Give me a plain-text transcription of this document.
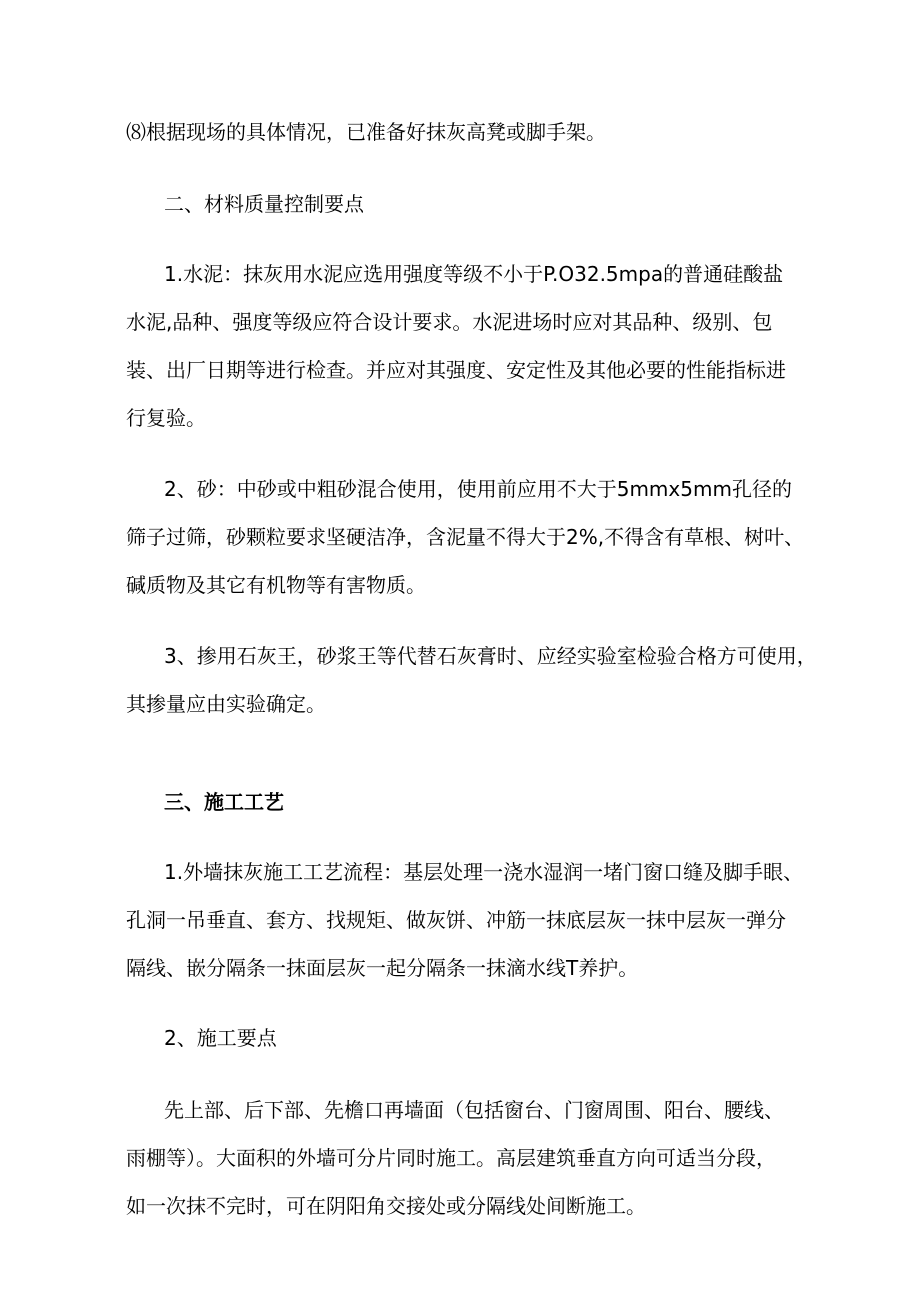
⑻根据现场的具体情况，已准备好抹灰高凳或脚手架。
二、材料质量控制要点
1.水泥：抹灰用水泥应选用强度等级不小于P.O32.5mpa的普通硅酸盐
水泥,品种、强度等级应符合设计要求。水泥进场时应对其品种、级别、包
装、出厂日期等进行检查。并应对其强度、安定性及其他必要的性能指标进
行复验。
2、砂：中砂或中粗砂混合使用，使用前应用不大于5mmx5mm孔径的
筛子过筛，砂颗粒要求坚硬洁净，含泥量不得大于2%,不得含有草根、树叶、
碱质物及其它有机物等有害物质。
3、掺用石灰王，砂浆王等代替石灰膏时、应经实验室检验合格方可使用，
其掺量应由实验确定。
三、施工工艺
1.外墙抹灰施工工艺流程：基层处理一浇水湿润一堵门窗口缝及脚手眼、
孔洞一吊垂直、套方、找规矩、做灰饼、冲筋一抹底层灰一抹中层灰一弹分
隔线、嵌分隔条一抹面层灰一起分隔条一抹滴水线T养护。
2、施工要点
先上部、后下部、先檐口再墙面（包括窗台、门窗周围、阳台、腰线、
雨棚等）。大面积的外墙可分片同时施工。高层建筑垂直方向可适当分段，
如一次抹不完时，可在阴阳角交接处或分隔线处间断施工。
